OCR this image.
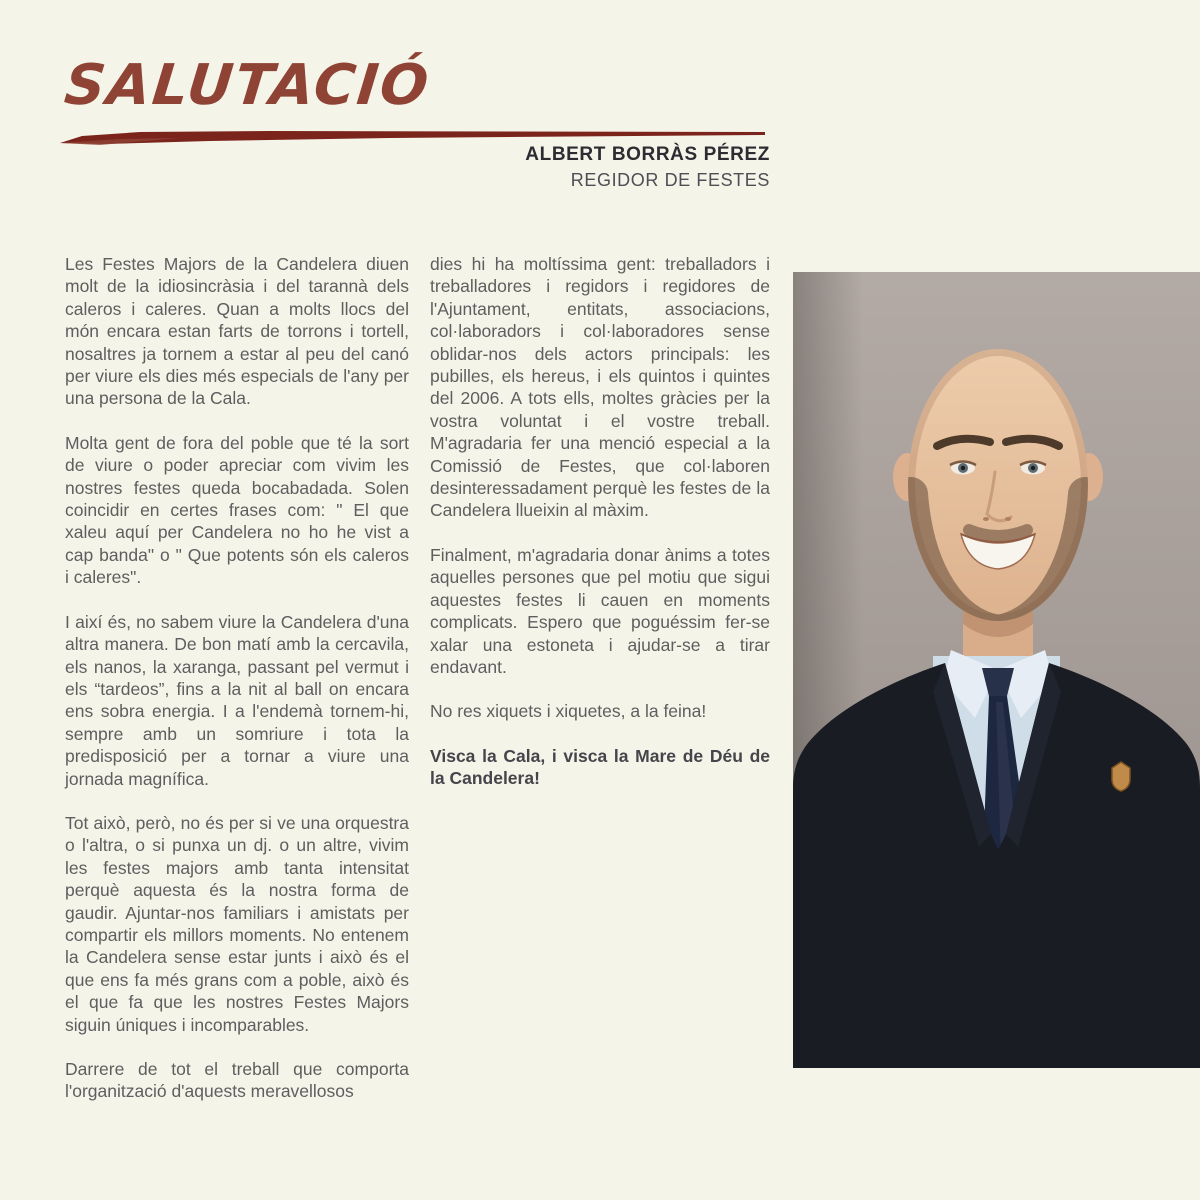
SALUTACIÓ
ALBERT BORRÀS PÉREZ
REGIDOR DE FESTES

Les Festes Majors de la Candelera diuen molt de la idiosincràsia i del tarannà dels caleros i caleres. Quan a molts llocs del món encara estan farts de torrons i tortell, nosaltres ja tornem a estar al peu del canó per viure els dies més especials de l'any per una persona de la Cala.

Molta gent de fora del poble que té la sort de viure o poder apreciar com vivim les nostres festes queda bocabadada. Solen coincidir en certes frases com: " El que xaleu aquí per Candelera no ho he vist a cap banda" o " Que potents són els caleros i caleres".

I així és, no sabem viure la Candelera d'una altra manera. De bon matí amb la cercavila, els nanos, la xaranga, passant pel vermut i els “tardeos”, fins a la nit al ball on encara ens sobra energia. I a l'endemà tornem-hi, sempre amb un somriure i tota la predisposició per a tornar a viure una jornada magnífica.

Tot això, però, no és per si ve una orquestra o l'altra, o si punxa un dj. o un altre, vivim les festes majors amb tanta intensitat perquè aquesta és la nostra forma de gaudir. Ajuntar-nos familiars i amistats per compartir els millors moments. No entenem la Candelera sense estar junts i això és el que ens fa més grans com a poble, això és el que fa que les nostres Festes Majors siguin úniques i incomparables.

Darrere de tot el treball que comporta l'organització d'aquests meravellosos

dies hi ha moltíssima gent: treballadors i treballadores i regidors i regidores de l'Ajuntament, entitats, associacions, col·laboradors i col·laboradores sense oblidar-nos dels actors principals: les pubilles, els hereus, i els quintos i quintes del 2006. A tots ells, moltes gràcies per la vostra voluntat i el vostre treball. M'agradaria fer una menció especial a la Comissió de Festes, que col·laboren desinteressadament perquè les festes de la Candelera llueixin al màxim.

Finalment, m'agradaria donar ànims a totes aquelles persones que pel motiu que sigui aquestes festes li cauen en moments complicats. Espero que poguéssim fer-se xalar una estoneta i ajudar-se a tirar endavant.

No res xiquets i xiquetes, a la feina!

Visca la Cala, i visca la Mare de Déu de la Candelera!
